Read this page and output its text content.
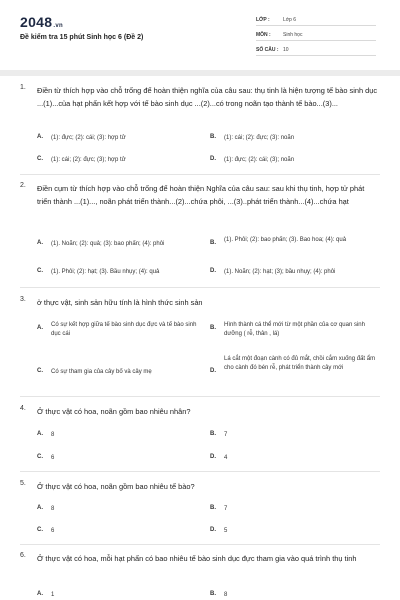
2048.vn
Đề kiểm tra 15 phút Sinh học 6 (Đề 2)
LỚP :	Lớp 6
MÔN : Sinh học
SỐ CÂU : 10
1. Điền từ thích hợp vào chỗ trống để hoàn thiện nghĩa của câu sau: thụ tinh là hiện tượng tế bào sinh dục ...(1)...của hạt phấn kết hợp với tế bào sinh dục ...(2)...có trong noãn tạo thành tế bào...(3)...
A. (1): đực; (2): cái; (3): hợp tử	B. (1): cái; (2): đực; (3): noãn
C. (1): cái; (2): đực; (3); hợp tử	D. (1): đực; (2): cái; (3); noãn
2. Điền cụm từ thích hợp vào chỗ trống để hoàn thiện Nghĩa của câu sau: sau khi thụ tinh, hợp tử phát triển thành ...(1)..., noãn phát triển thành...(2)...chứa phôi, ...(3)..phát triển thành...(4)...chứa hạt
A. (1). Noãn; (2): quả; (3): bao phấn; (4): phôi	B. (1). Phôi; (2): bao phấn; (3). Bao hoa; (4): quả
C. (1). Phôi; (2): hạt; (3). Bầu nhụy; (4): quả	D. (1). Noãn; (2): hạt; (3); bầu nhụy; (4): phôi
3. ở thực vật, sinh sản hữu tính là hình thức sinh sản
A. Có sự kết hợp giữa tế bào sinh dục đực và tế bào sinh dục cái
B. Hình thành cá thể mới từ một phần của cơ quan sinh dưỡng ( rễ, thân , lá)
C. Có sự tham gia của cây bố và cây mẹ	D.
Lá cắt một đoạn cành có đủ mắt, chồi cắm xuống đất ẩm cho cành đó bén rễ, phát triển thành cây mới
4. Ở thực vật có hoa, noãn gồm bao nhiêu nhân?
A. 8	B. 7
C. 6	D. 4
5. Ở thực vật có hoa, noãn gồm bao nhiêu tế bào?
A. 8	B. 7
C. 6	D. 5
6. Ở thực vật có hoa, mỗi hạt phấn có bao nhiêu tế bào sinh dục đực tham gia vào quá trình thụ tinh
A. 1	B. 8
